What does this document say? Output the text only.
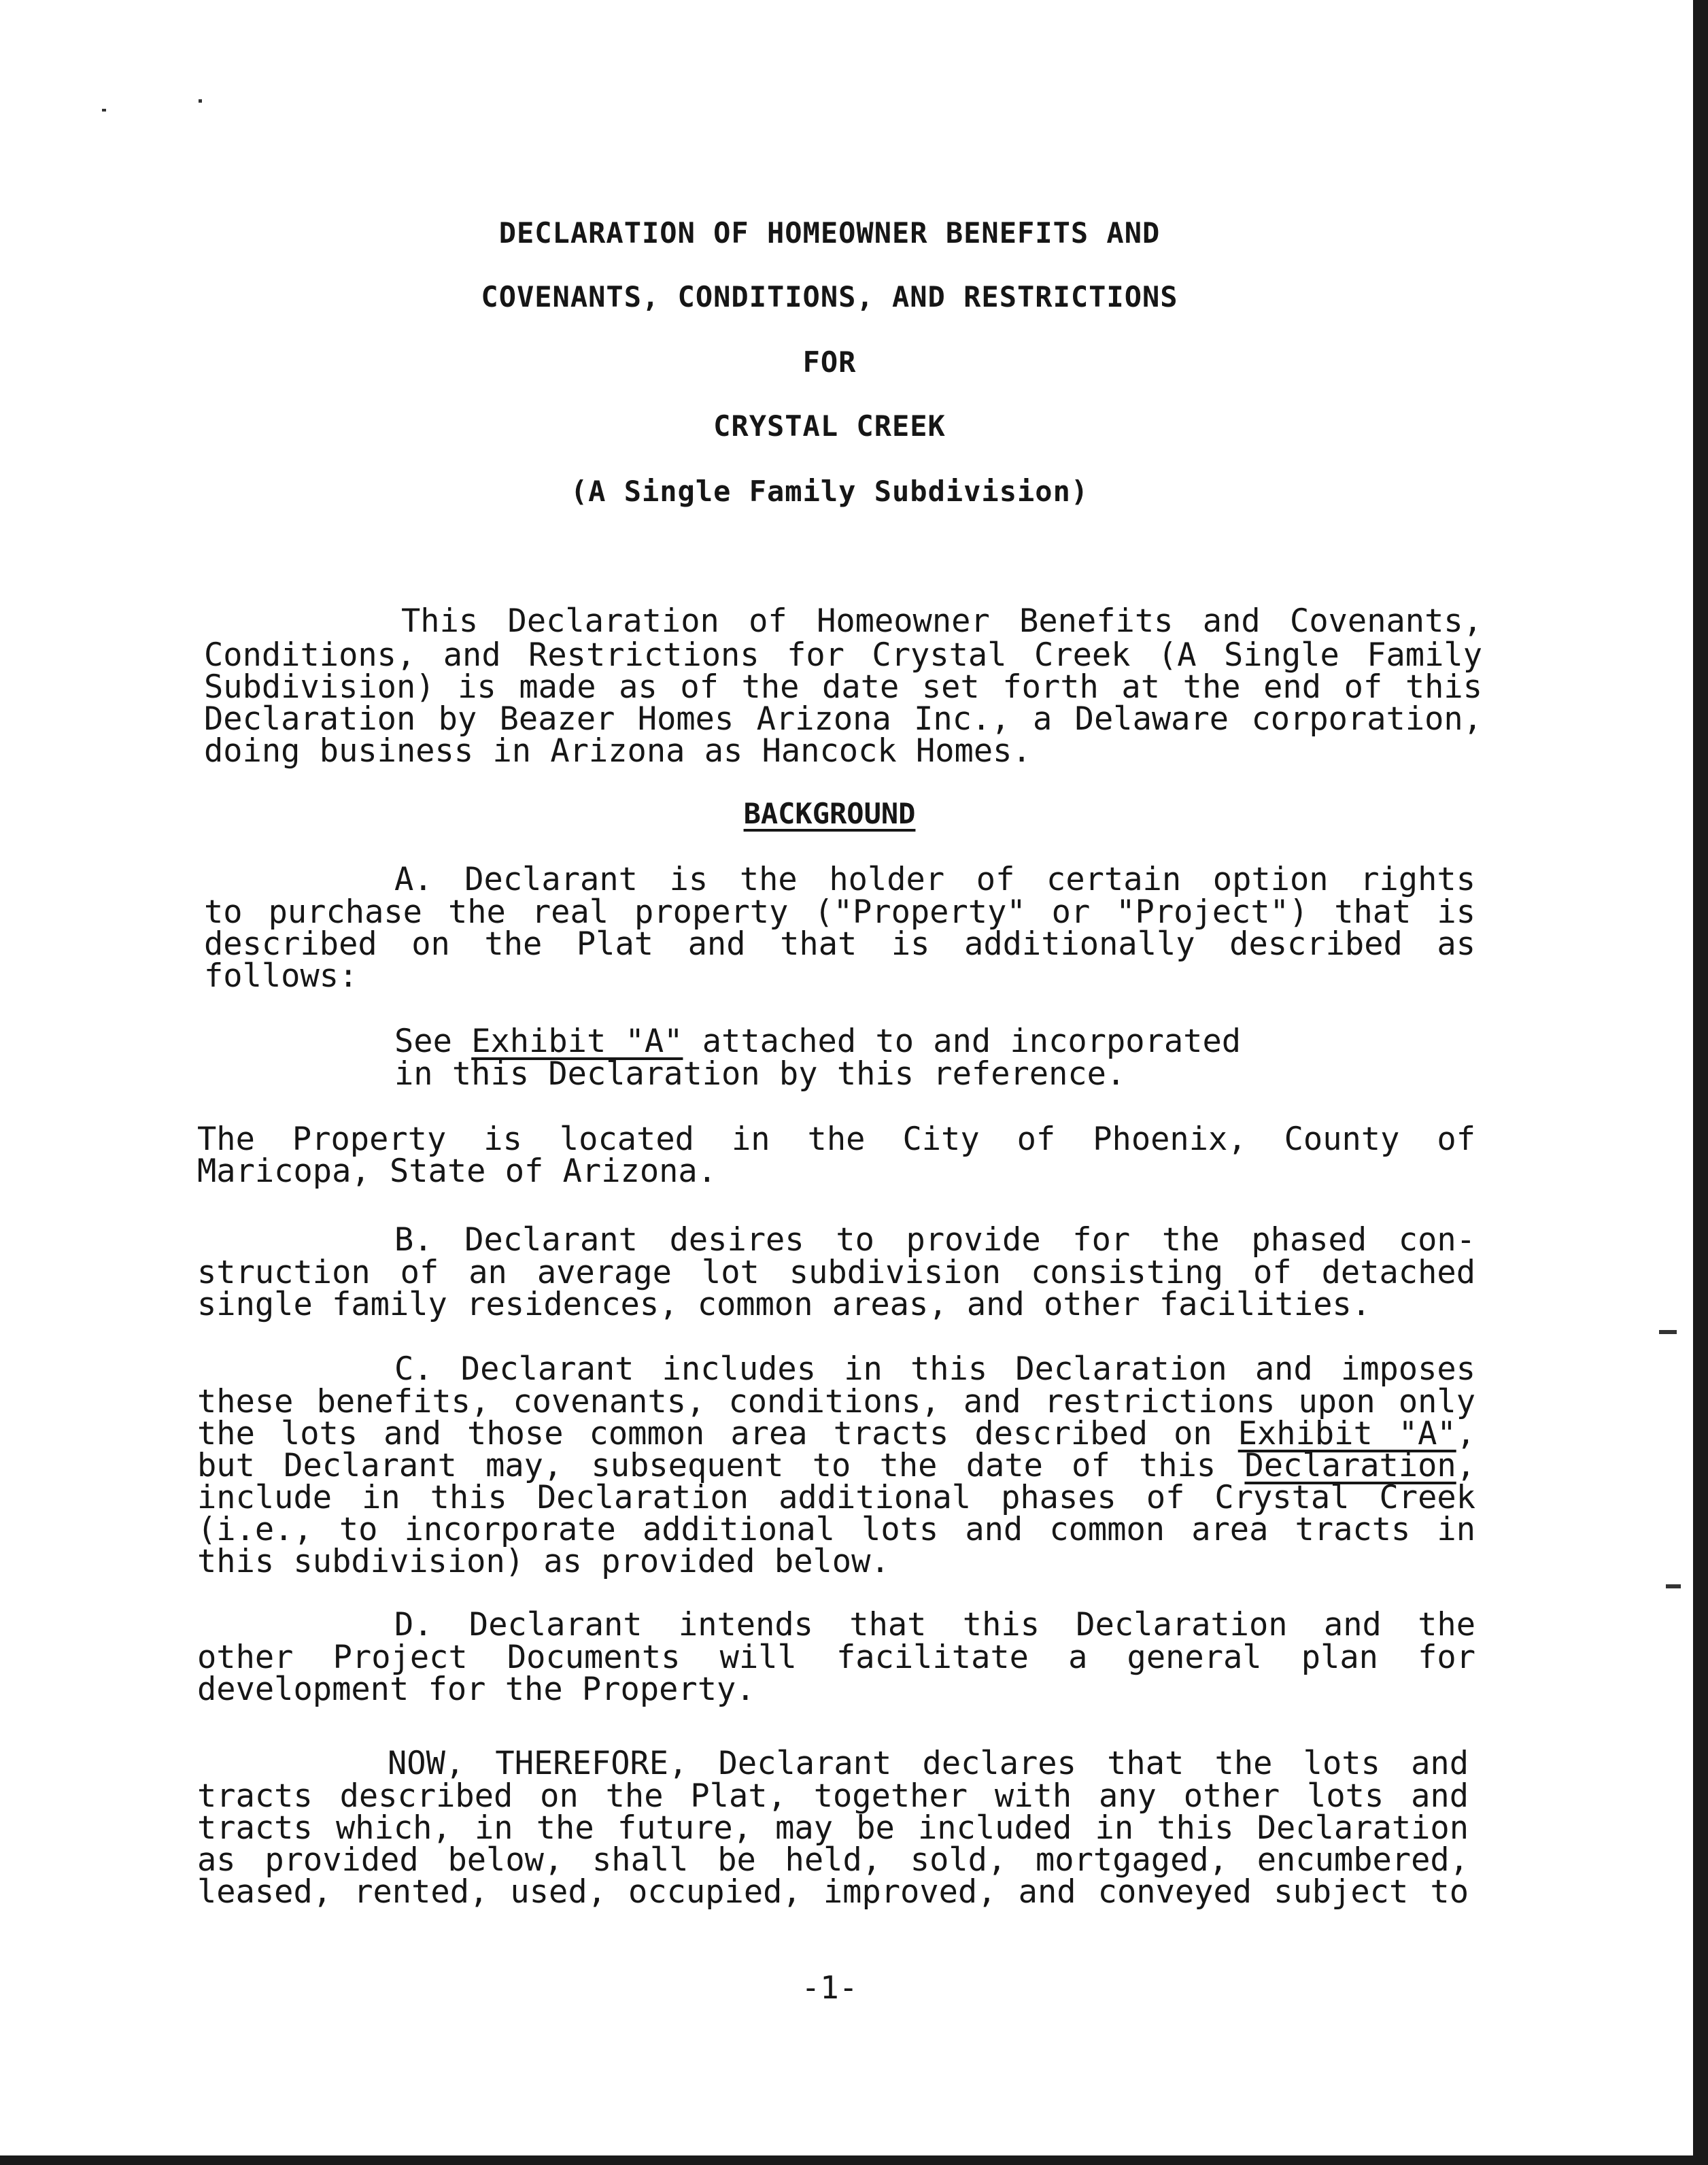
DECLARATION OF HOMEOWNER BENEFITS AND
COVENANTS, CONDITIONS, AND RESTRICTIONS
FOR
CRYSTAL CREEK
(A Single Family Subdivision)
This Declaration of Homeowner Benefits and Covenants,
Conditions, and Restrictions for Crystal Creek (A Single Family
Subdivision) is made as of the date set forth at the end of this
Declaration by Beazer Homes Arizona Inc., a Delaware corporation,
doing business in Arizona as Hancock Homes.
BACKGROUND
A. Declarant is the holder of certain option rights
to purchase the real property ("Property" or "Project") that is
described on the Plat and that is additionally described as
follows:
See Exhibit "A" attached to and incorporated
in this Declaration by this reference.
The Property is located in the City of Phoenix, County of
Maricopa, State of Arizona.
B. Declarant desires to provide for the phased con-
struction of an average lot subdivision consisting of detached
single family residences, common areas, and other facilities.
C. Declarant includes in this Declaration and imposes
these benefits, covenants, conditions, and restrictions upon only
the lots and those common area tracts described on Exhibit "A",
but Declarant may, subsequent to the date of this Declaration,
include in this Declaration additional phases of Crystal Creek
(i.e., to incorporate additional lots and common area tracts in
this subdivision) as provided below.
D. Declarant intends that this Declaration and the
other Project Documents will facilitate a general plan for
development for the Property.
NOW, THEREFORE, Declarant declares that the lots and
tracts described on the Plat, together with any other lots and
tracts which, in the future, may be included in this Declaration
as provided below, shall be held, sold, mortgaged, encumbered,
leased, rented, used, occupied, improved, and conveyed subject to
-1-
